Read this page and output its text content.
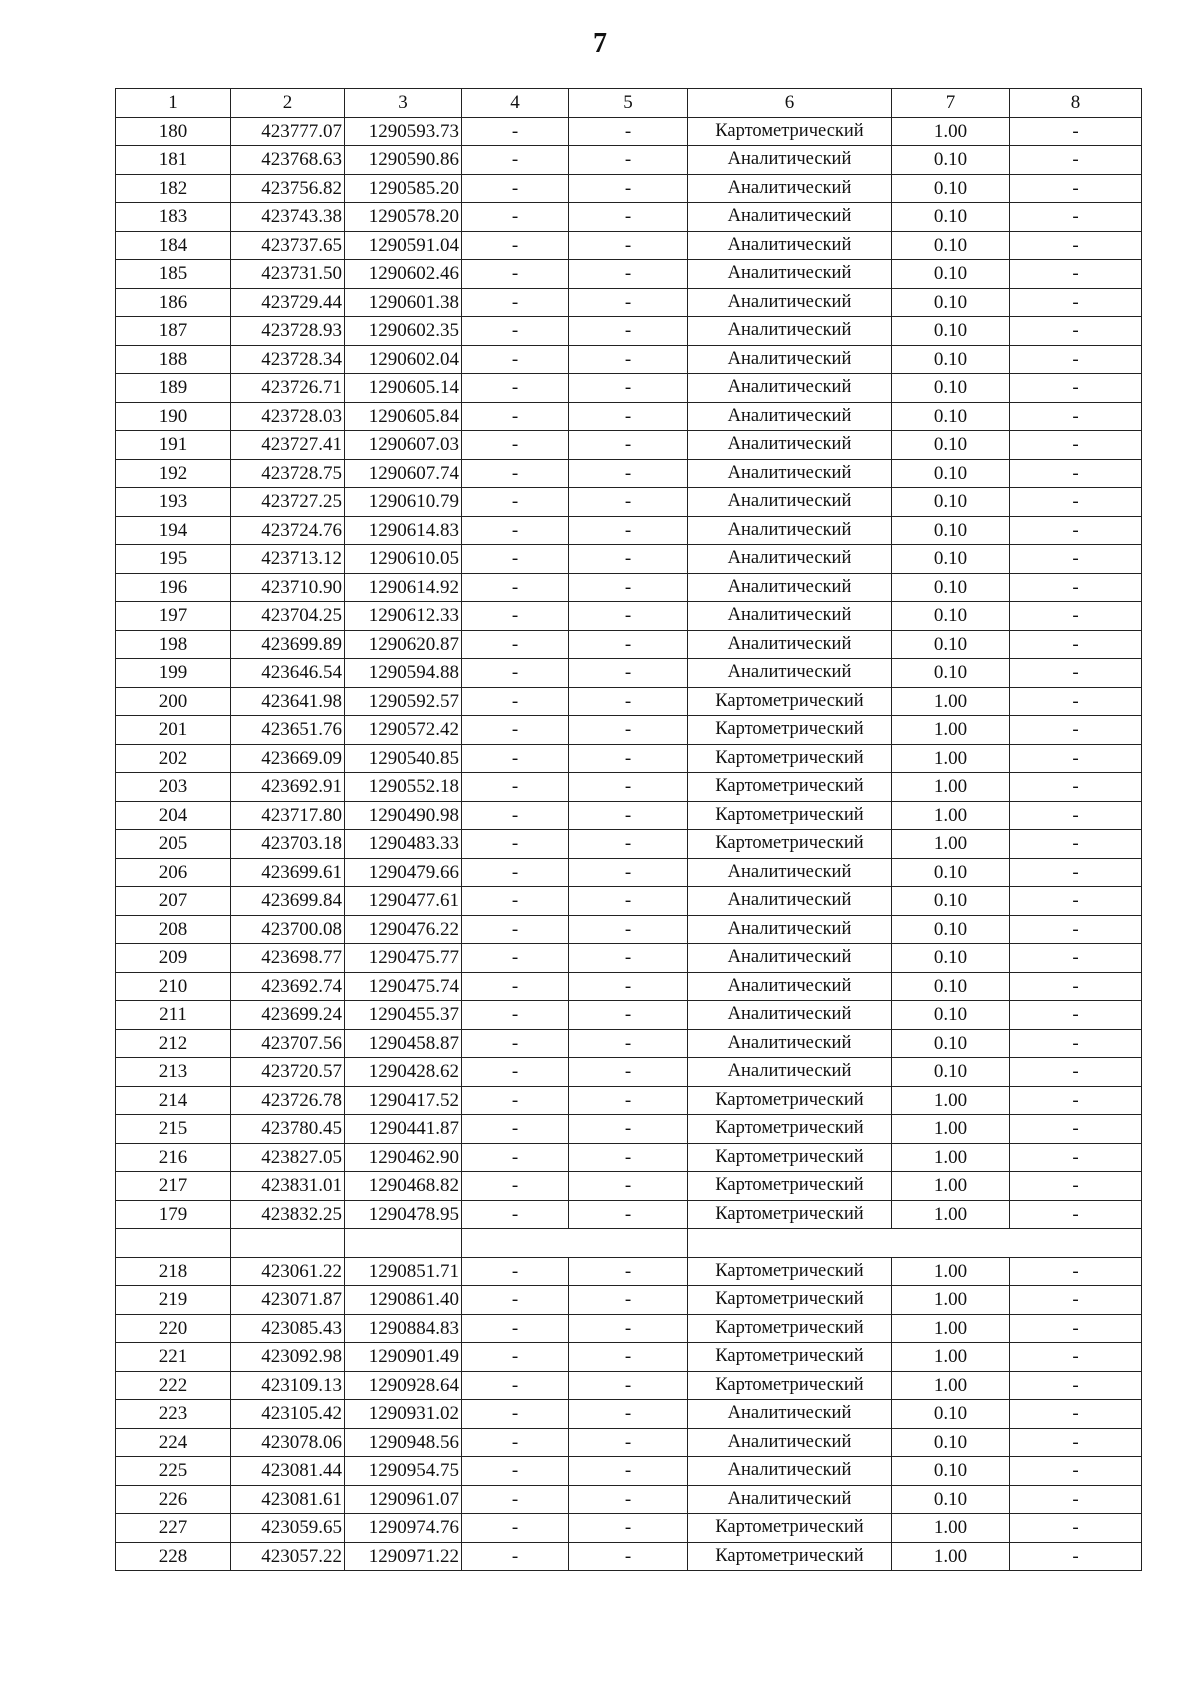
7
1	2	3	4	5	6	7	8
180	423777.07	1290593.73	-	-	Картометрический	1.00	-
181	423768.63	1290590.86	-	-	Аналитический	0.10	-
182	423756.82	1290585.20	-	-	Аналитический	0.10	-
183	423743.38	1290578.20	-	-	Аналитический	0.10	-
184	423737.65	1290591.04	-	-	Аналитический	0.10	-
185	423731.50	1290602.46	-	-	Аналитический	0.10	-
186	423729.44	1290601.38	-	-	Аналитический	0.10	-
187	423728.93	1290602.35	-	-	Аналитический	0.10	-
188	423728.34	1290602.04	-	-	Аналитический	0.10	-
189	423726.71	1290605.14	-	-	Аналитический	0.10	-
190	423728.03	1290605.84	-	-	Аналитический	0.10	-
191	423727.41	1290607.03	-	-	Аналитический	0.10	-
192	423728.75	1290607.74	-	-	Аналитический	0.10	-
193	423727.25	1290610.79	-	-	Аналитический	0.10	-
194	423724.76	1290614.83	-	-	Аналитический	0.10	-
195	423713.12	1290610.05	-	-	Аналитический	0.10	-
196	423710.90	1290614.92	-	-	Аналитический	0.10	-
197	423704.25	1290612.33	-	-	Аналитический	0.10	-
198	423699.89	1290620.87	-	-	Аналитический	0.10	-
199	423646.54	1290594.88	-	-	Аналитический	0.10	-
200	423641.98	1290592.57	-	-	Картометрический	1.00	-
201	423651.76	1290572.42	-	-	Картометрический	1.00	-
202	423669.09	1290540.85	-	-	Картометрический	1.00	-
203	423692.91	1290552.18	-	-	Картометрический	1.00	-
204	423717.80	1290490.98	-	-	Картометрический	1.00	-
205	423703.18	1290483.33	-	-	Картометрический	1.00	-
206	423699.61	1290479.66	-	-	Аналитический	0.10	-
207	423699.84	1290477.61	-	-	Аналитический	0.10	-
208	423700.08	1290476.22	-	-	Аналитический	0.10	-
209	423698.77	1290475.77	-	-	Аналитический	0.10	-
210	423692.74	1290475.74	-	-	Аналитический	0.10	-
211	423699.24	1290455.37	-	-	Аналитический	0.10	-
212	423707.56	1290458.87	-	-	Аналитический	0.10	-
213	423720.57	1290428.62	-	-	Аналитический	0.10	-
214	423726.78	1290417.52	-	-	Картометрический	1.00	-
215	423780.45	1290441.87	-	-	Картометрический	1.00	-
216	423827.05	1290462.90	-	-	Картометрический	1.00	-
217	423831.01	1290468.82	-	-	Картометрический	1.00	-
179	423832.25	1290478.95	-	-	Картометрический	1.00	-

218	423061.22	1290851.71	-	-	Картометрический	1.00	-
219	423071.87	1290861.40	-	-	Картометрический	1.00	-
220	423085.43	1290884.83	-	-	Картометрический	1.00	-
221	423092.98	1290901.49	-	-	Картометрический	1.00	-
222	423109.13	1290928.64	-	-	Картометрический	1.00	-
223	423105.42	1290931.02	-	-	Аналитический	0.10	-
224	423078.06	1290948.56	-	-	Аналитический	0.10	-
225	423081.44	1290954.75	-	-	Аналитический	0.10	-
226	423081.61	1290961.07	-	-	Аналитический	0.10	-
227	423059.65	1290974.76	-	-	Картометрический	1.00	-
228	423057.22	1290971.22	-	-	Картометрический	1.00	-
